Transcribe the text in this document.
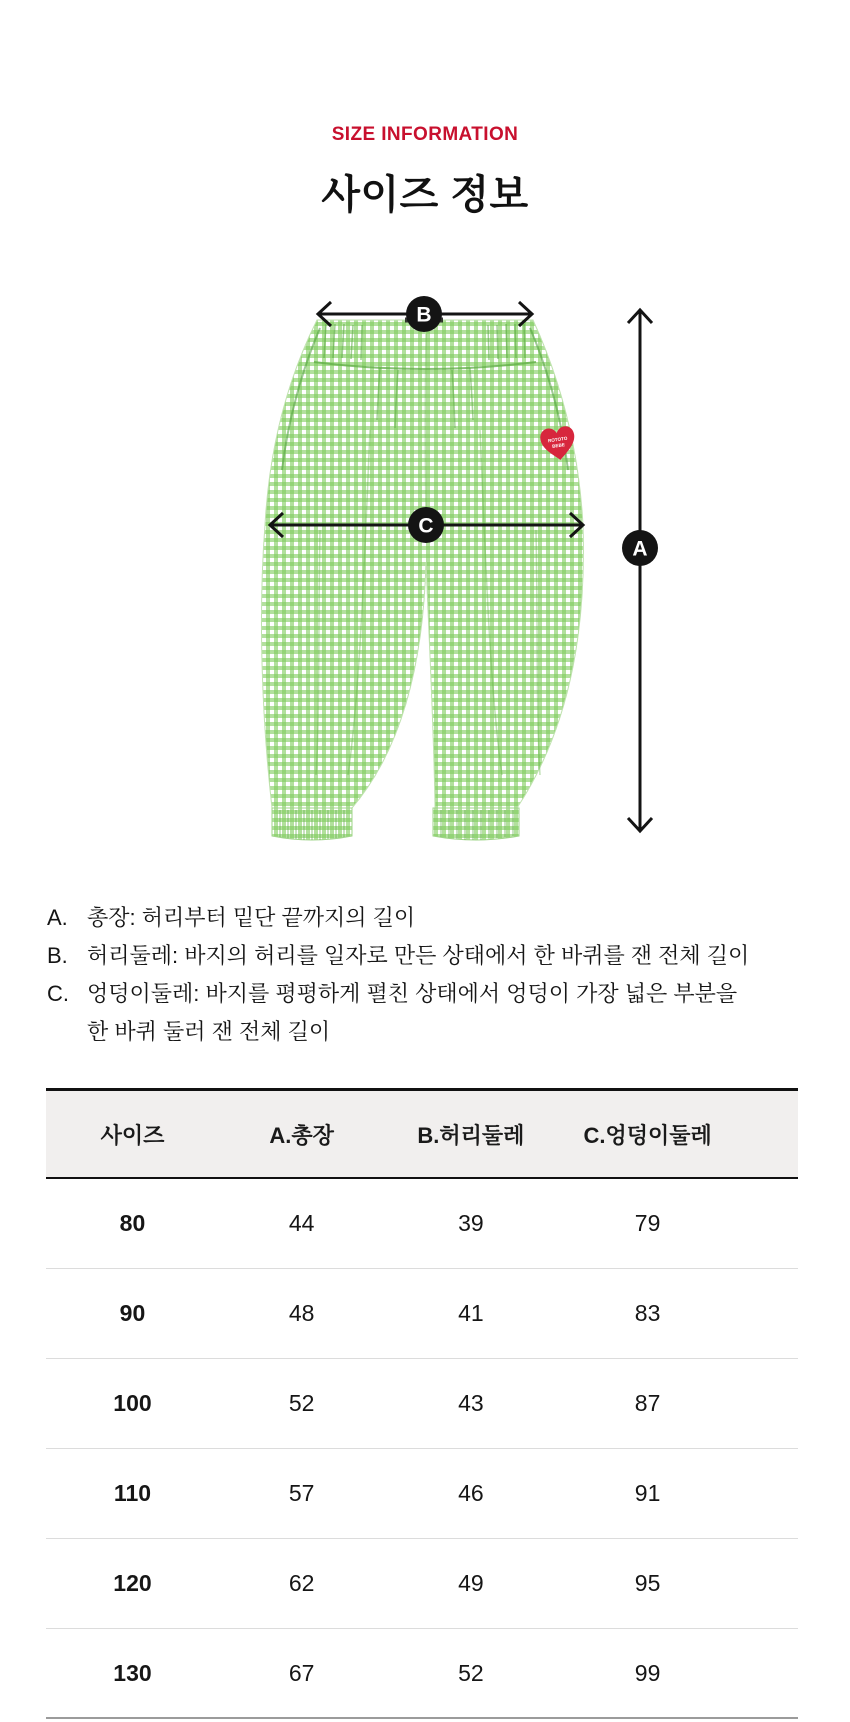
SIZE INFORMATION
사이즈 정보
ROTOTO
BEBE
B
C
A
A. 총장: 허리부터 밑단 끝까지의 길이
B. 허리둘레: 바지의 허리를 일자로 만든 상태에서 한 바퀴를 잰 전체 길이
C. 엉덩이둘레: 바지를 평평하게 펼친 상태에서 엉덩이 가장 넓은 부분을
한 바퀴 둘러 잰 전체 길이
사이즈	A.총장	B.허리둘레	C.엉덩이둘레
80	44	39	79
90	48	41	83
100	52	43	87
110	57	46	91
120	62	49	95
130	67	52	99
